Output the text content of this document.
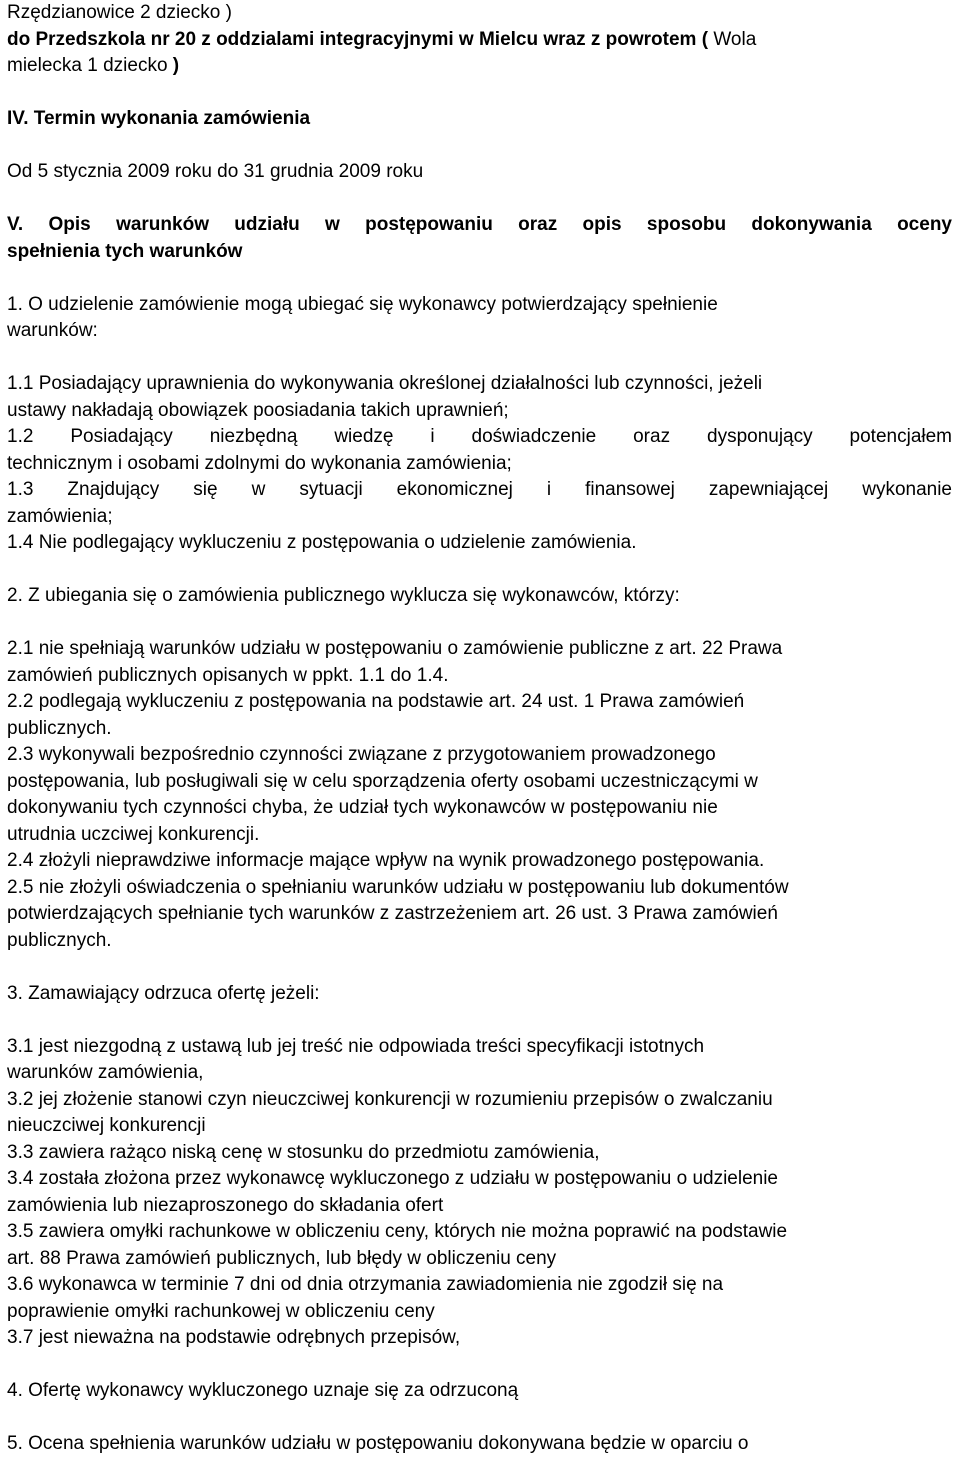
Rzędzianowice 2 dziecko )

do Przedszkola nr 20 z oddzialami integracyjnymi w Mielcu wraz z powrotem ( Wola

mielecka 1 dziecko )

IV. Termin wykonania zamówienia

Od 5 stycznia 2009 roku do 31 grudnia 2009 roku

V. Opis warunków udziału w postępowaniu oraz opis sposobu dokonywania oceny

spełnienia tych warunków

1. O udzielenie zamówienie mogą ubiegać się wykonawcy potwierdzający spełnienie

warunków:

1.1 Posiadający uprawnienia do wykonywania określonej działalności lub czynności, jeżeli

ustawy nakładają obowiązek poosiadania takich uprawnień;

1.2 Posiadający niezbędną wiedzę i doświadczenie oraz dysponujący potencjałem

technicznym i osobami zdolnymi do wykonania zamówienia;

1.3 Znajdujący się w sytuacji ekonomicznej i finansowej zapewniającej wykonanie

zamówienia;

1.4 Nie podlegający wykluczeniu z postępowania o udzielenie zamówienia.

2. Z ubiegania się o zamówienia publicznego wyklucza się wykonawców, którzy:

2.1 nie spełniają warunków udziału w postępowaniu o zamówienie publiczne z art. 22 Prawa

zamówień publicznych opisanych w ppkt. 1.1 do 1.4.

2.2 podlegają wykluczeniu z postępowania na podstawie art. 24 ust. 1 Prawa zamówień

publicznych.

2.3 wykonywali bezpośrednio czynności związane z przygotowaniem prowadzonego

postępowania, lub posługiwali się w celu sporządzenia oferty osobami uczestniczącymi w

dokonywaniu tych czynności chyba, że udział tych wykonawców w postępowaniu nie

utrudnia uczciwej konkurencji.

2.4 złożyli nieprawdziwe informacje mające wpływ na wynik prowadzonego postępowania.

2.5 nie złożyli oświadczenia o spełnianiu warunków udziału w postępowaniu lub dokumentów

potwierdzających spełnianie tych warunków z zastrzeżeniem art. 26 ust. 3 Prawa zamówień

publicznych.

3. Zamawiający odrzuca ofertę jeżeli:

3.1 jest niezgodną z ustawą lub jej treść nie odpowiada treści specyfikacji istotnych

warunków zamówienia,

3.2 jej złożenie stanowi czyn nieuczciwej konkurencji w rozumieniu przepisów o zwalczaniu

nieuczciwej konkurencji

3.3 zawiera rażąco niską cenę w stosunku do przedmiotu zamówienia,

3.4 została złożona przez wykonawcę wykluczonego z udziału w postępowaniu o udzielenie

zamówienia lub niezaproszonego do składania ofert

3.5 zawiera omyłki rachunkowe w obliczeniu ceny, których nie można poprawić na podstawie

art. 88 Prawa zamówień publicznych, lub błędy w obliczeniu ceny

3.6 wykonawca w terminie 7 dni od dnia otrzymania zawiadomienia nie zgodził się na

poprawienie omyłki rachunkowej w obliczeniu ceny

3.7 jest nieważna na podstawie odrębnych przepisów,

4. Ofertę wykonawcy wykluczonego uznaje się za odrzuconą

5. Ocena spełnienia warunków udziału w postępowaniu dokonywana będzie w oparciu o
